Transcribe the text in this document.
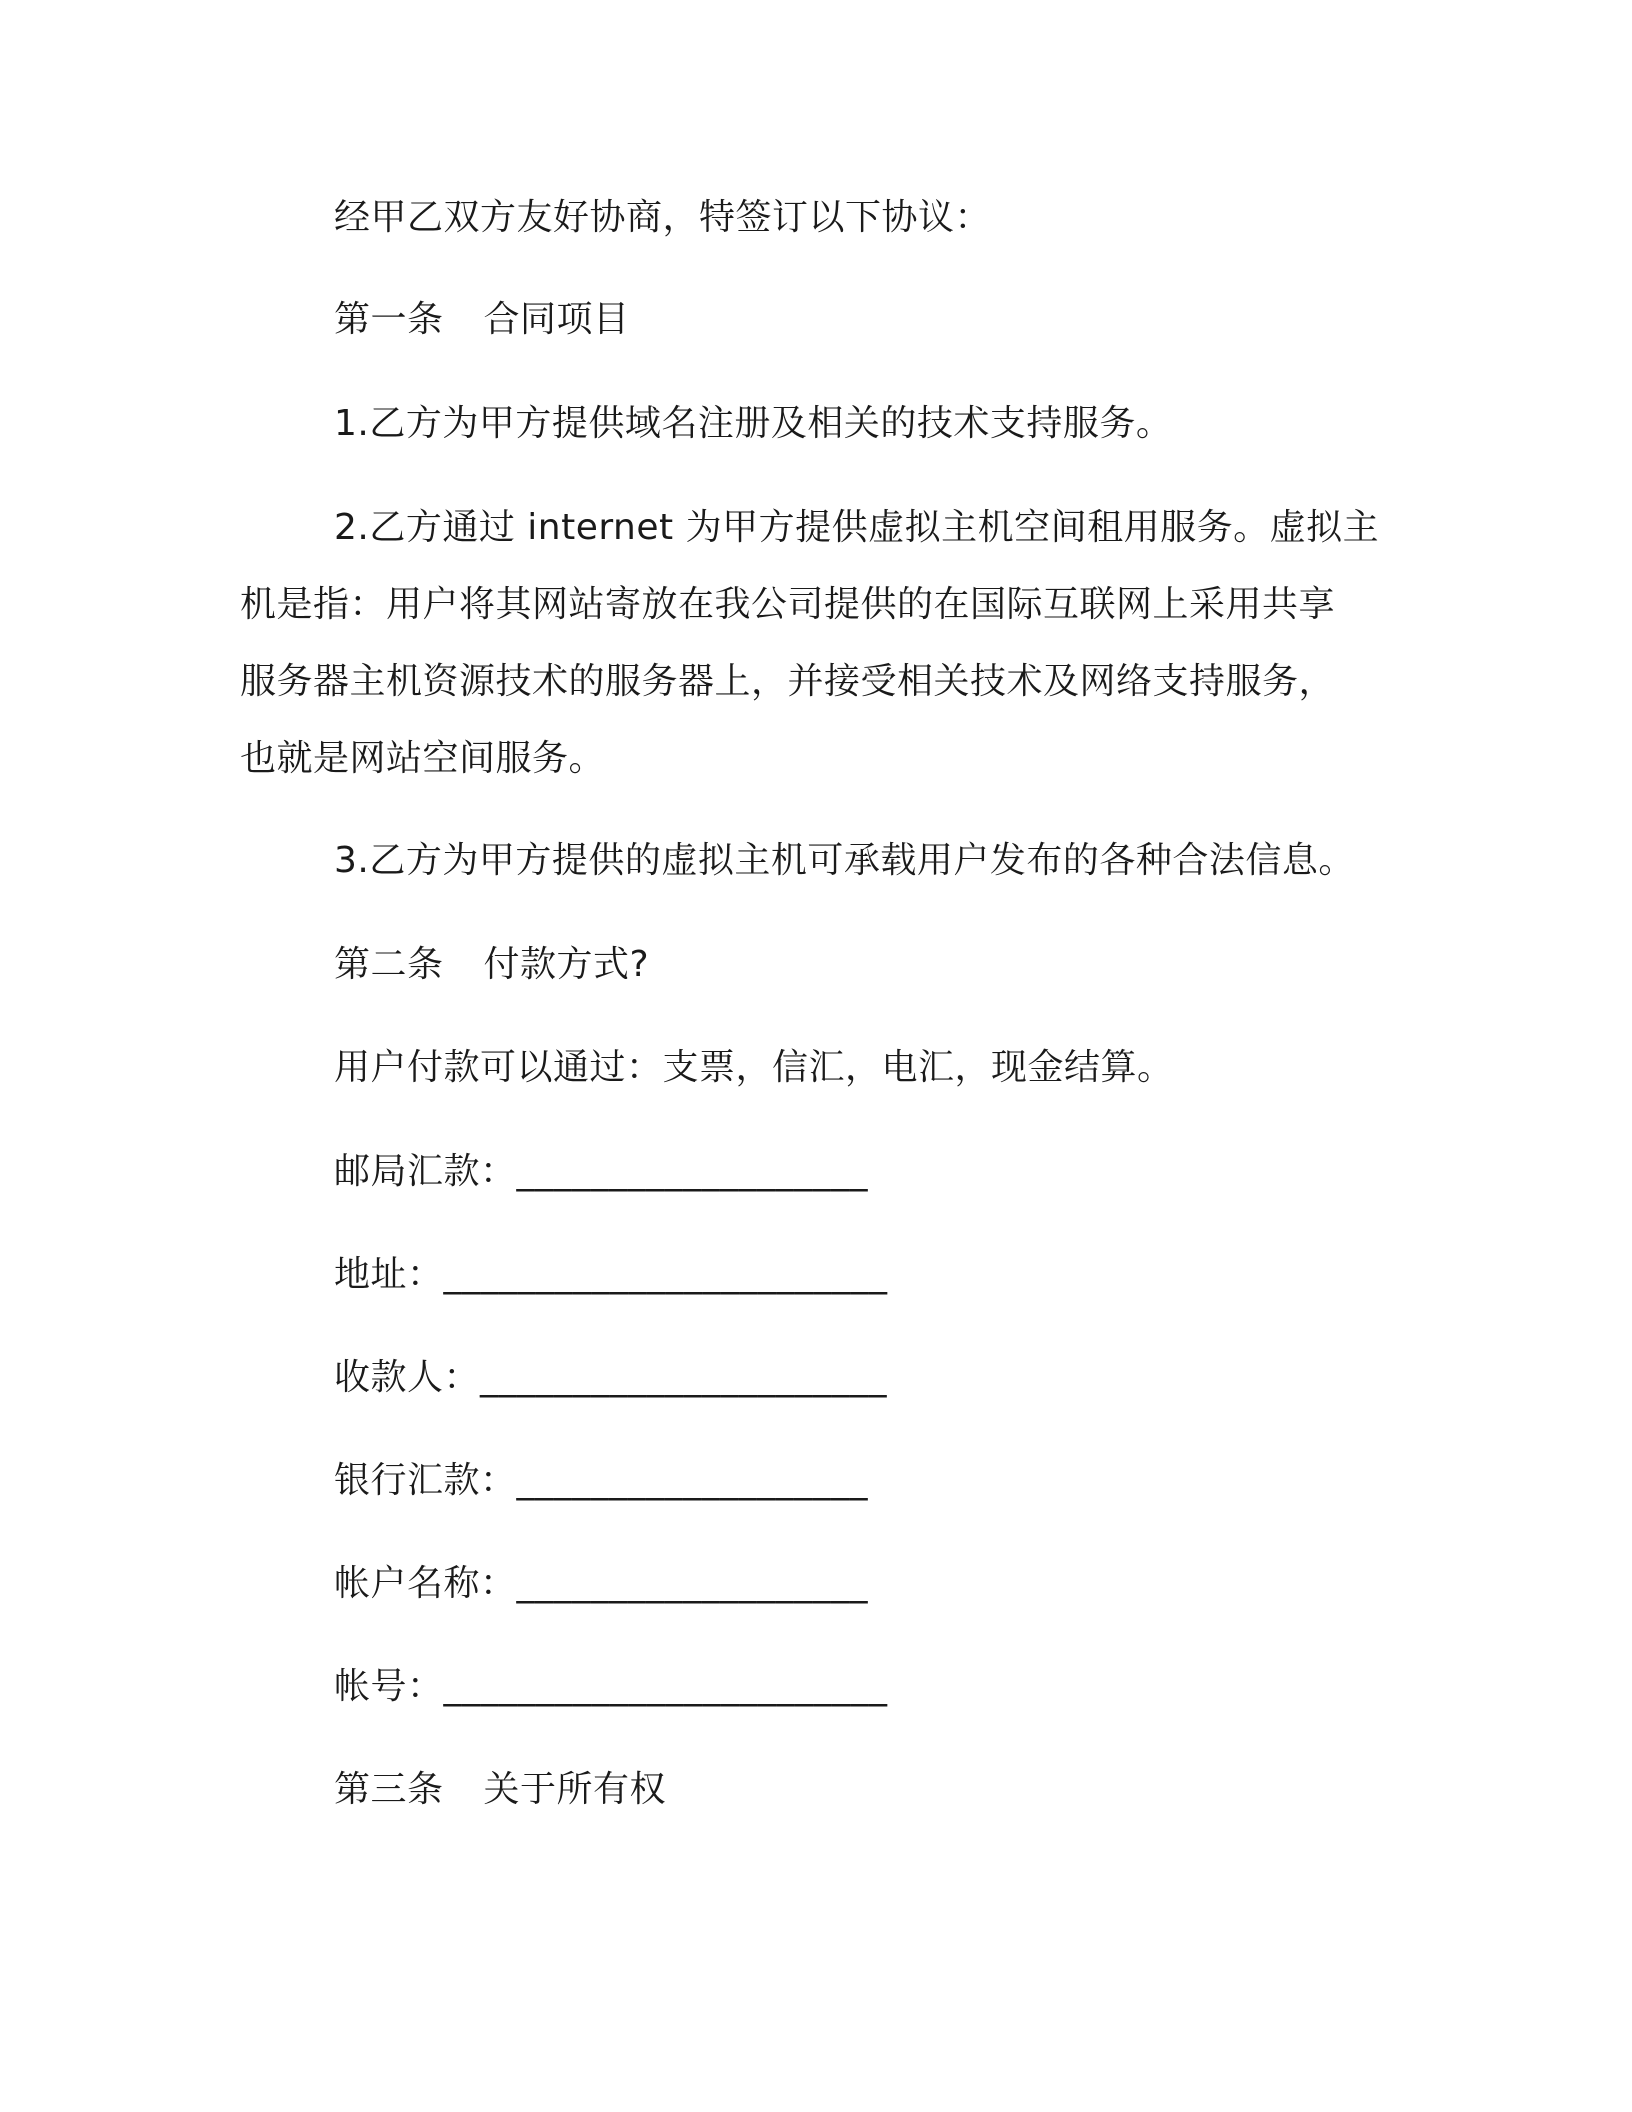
经甲乙双方友好协商，特签订以下协议：
第一条 合同项目
1.乙方为甲方提供域名注册及相关的技术支持服务。
2.乙方通过 internet 为甲方提供虚拟主机空间租用服务。虚拟主
机是指：用户将其网站寄放在我公司提供的在国际互联网上采用共享
服务器主机资源技术的服务器上，并接受相关技术及网络支持服务，
也就是网站空间服务。
3.乙方为甲方提供的虚拟主机可承载用户发布的各种合法信息。
第二条 付款方式?
用户付款可以通过：支票，信汇，电汇，现金结算。
邮局汇款：___________________
地址：________________________
收款人：______________________
银行汇款：___________________
帐户名称：___________________
帐号：________________________
第三条 关于所有权
